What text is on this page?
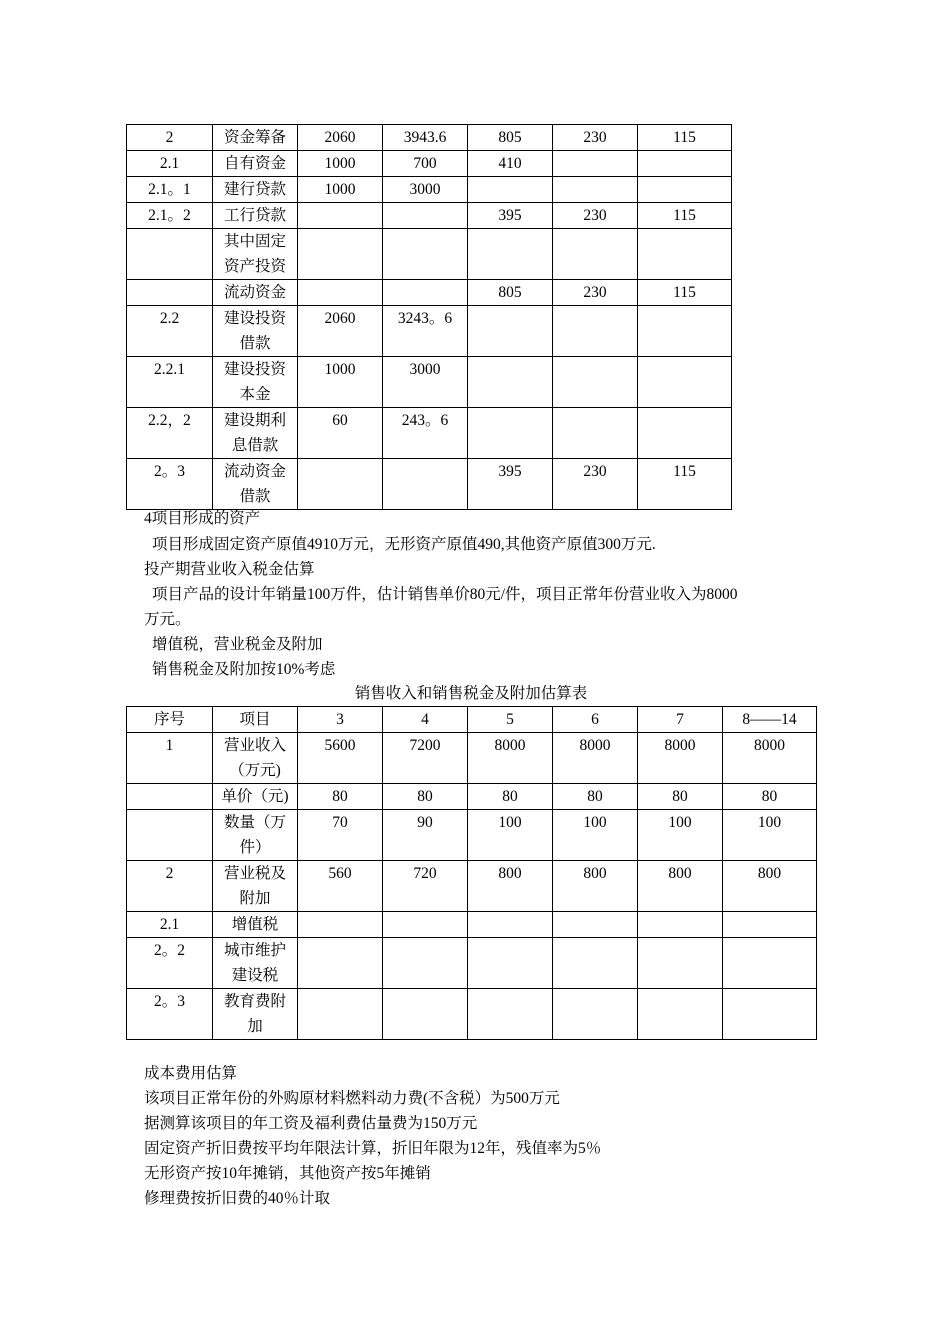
2	资金筹备	2060	3943.6	805	230	115
2.1	自有资金	1000	700	410		
2.1。1	建行贷款	1000	3000			
2.1。2	工行贷款			395	230	115
	其中固定资产投资					
	流动资金			805	230	115
2.2	建设投资借款	2060	3243。6			
2.2.1	建设投资本金	1000	3000			
2.2，2	建设期利息借款	60	243。6			
2。3	流动资金借款			395	230	115
4项目形成的资产
项目形成固定资产原值4910万元，无形资产原值490,其他资产原值300万元.
投产期营业收入税金估算
项目产品的设计年销量100万件，估计销售单价80元/件，项目正常年份营业收入为8000
万元。
增值税，营业税金及附加
销售税金及附加按10%考虑
销售收入和销售税金及附加估算表
序号	项目	3	4	5	6	7	8——14
1	营业收入（万元)	5600	7200	8000	8000	8000	8000
	单价（元)	80	80	80	80	80	80
	数量（万件）	70	90	100	100	100	100
2	营业税及附加	560	720	800	800	800	800
2.1	增值税						
2。2	城市维护建设税						
2。3	教育费附加						
成本费用估算
该项目正常年份的外购原材料燃料动力费(不含税）为500万元
据测算该项目的年工资及福利费估量费为150万元
固定资产折旧费按平均年限法计算，折旧年限为12年，残值率为5％
无形资产按10年摊销，其他资产按5年摊销
修理费按折旧费的40％计取
